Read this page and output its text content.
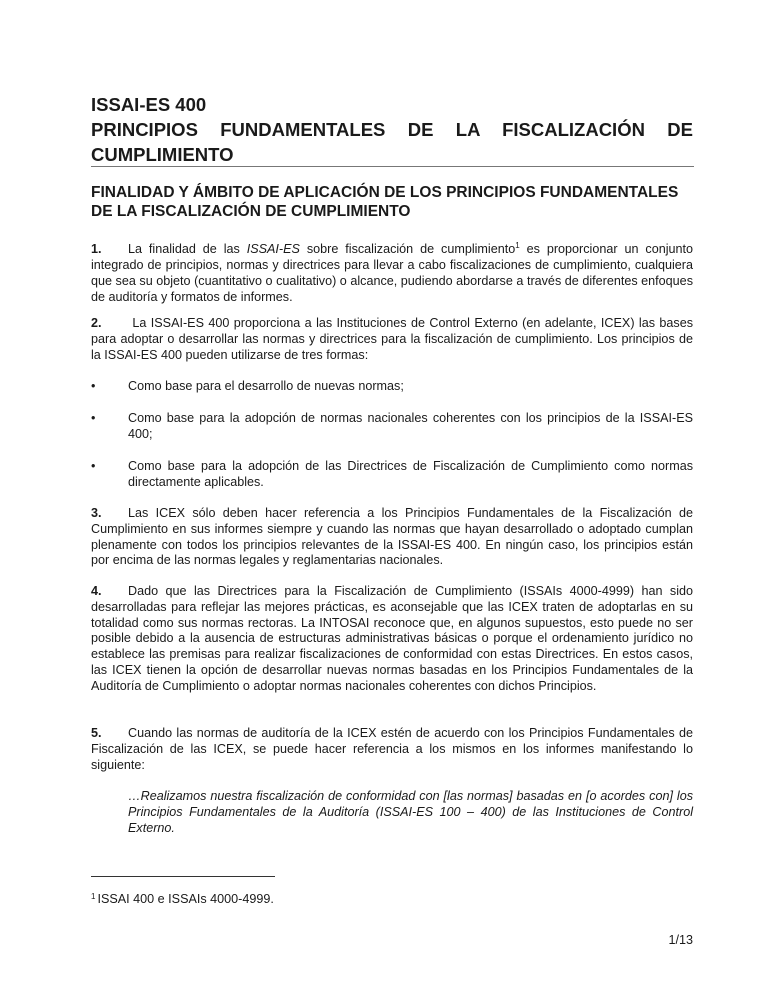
ISSAI-ES 400
PRINCIPIOS FUNDAMENTALES DE LA FISCALIZACIÓN DE
CUMPLIMIENTO
FINALIDAD Y ÁMBITO DE APLICACIÓN DE LOS PRINCIPIOS FUNDAMENTALES DE LA FISCALIZACIÓN DE CUMPLIMIENTO
1. La finalidad de las ISSAI-ES sobre fiscalización de cumplimiento$^1$ es proporcionar un conjunto integrado de principios, normas y directrices para llevar a cabo fiscalizaciones de cumplimiento, cualquiera que sea su objeto (cuantitativo o cualitativo) o alcance, pudiendo abordarse a través de diferentes enfoques de auditoría y formatos de informes.
2. La ISSAI-ES 400 proporciona a las Instituciones de Control Externo (en adelante, ICEX) las bases para adoptar o desarrollar las normas y directrices para la fiscalización de cumplimiento. Los principios de la ISSAI-ES 400 pueden utilizarse de tres formas:
•	Como base para el desarrollo de nuevas normas;
•	Como base para la adopción de normas nacionales coherentes con los principios de la ISSAI-ES 400;
•	Como base para la adopción de las Directrices de Fiscalización de Cumplimiento como normas directamente aplicables.
3. Las ICEX sólo deben hacer referencia a los Principios Fundamentales de la Fiscalización de Cumplimiento en sus informes siempre y cuando las normas que hayan desarrollado o adoptado cumplan plenamente con todos los principios relevantes de la ISSAI-ES 400. En ningún caso, los principios están por encima de las normas legales y reglamentarias nacionales.
4. Dado que las Directrices para la Fiscalización de Cumplimiento (ISSAIs 4000-4999) han sido desarrolladas para reflejar las mejores prácticas, es aconsejable que las ICEX traten de adoptarlas en su totalidad como sus normas rectoras. La INTOSAI reconoce que, en algunos supuestos, esto puede no ser posible debido a la ausencia de estructuras administrativas básicas o porque el ordenamiento jurídico no establece las premisas para realizar fiscalizaciones de conformidad con estas Directrices. En estos casos, las ICEX tienen la opción de desarrollar nuevas normas basadas en los Principios Fundamentales de la Auditoría de Cumplimiento o adoptar normas nacionales coherentes con dichos Principios.
5. Cuando las normas de auditoría de la ICEX estén de acuerdo con los Principios Fundamentales de Fiscalización de las ICEX, se puede hacer referencia a los mismos en los informes manifestando lo siguiente:
…Realizamos nuestra fiscalización de conformidad con [las normas] basadas en [o acordes con] los Principios Fundamentales de la Auditoría (ISSAI-ES 100 – 400) de las Instituciones de Control Externo.
$^1$ ISSAI 400 e ISSAIs 4000-4999.
1/13
